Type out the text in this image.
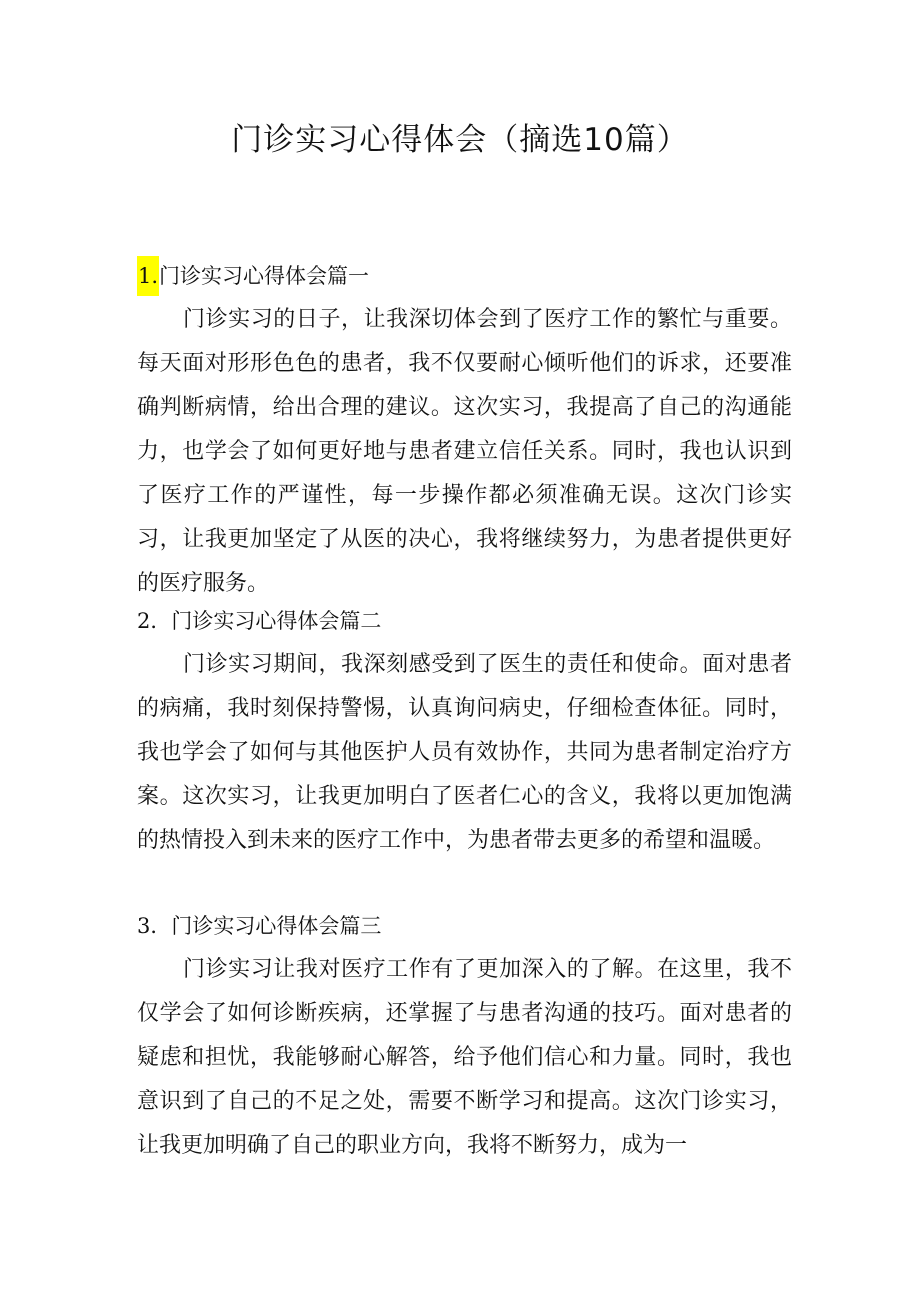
门诊实习心得体会（摘选10篇）
1.门诊实习心得体会篇一

门诊实习的日子，让我深切体会到了医疗工作的繁忙与重要。每天面对形形色色的患者，我不仅要耐心倾听他们的诉求，还要准确判断病情，给出合理的建议。这次实习，我提高了自己的沟通能力，也学会了如何更好地与患者建立信任关系。同时，我也认识到了医疗工作的严谨性，每一步操作都必须准确无误。这次门诊实习，让我更加坚定了从医的决心，我将继续努力，为患者提供更好的医疗服务。

2．门诊实习心得体会篇二

门诊实习期间，我深刻感受到了医生的责任和使命。面对患者的病痛，我时刻保持警惕，认真询问病史，仔细检查体征。同时，我也学会了如何与其他医护人员有效协作，共同为患者制定治疗方案。这次实习，让我更加明白了医者仁心的含义，我将以更加饱满的热情投入到未来的医疗工作中，为患者带去更多的希望和温暖。

3．门诊实习心得体会篇三

门诊实习让我对医疗工作有了更加深入的了解。在这里，我不仅学会了如何诊断疾病，还掌握了与患者沟通的技巧。面对患者的疑虑和担忧，我能够耐心解答，给予他们信心和力量。同时，我也意识到了自己的不足之处，需要不断学习和提高。这次门诊实习，让我更加明确了自己的职业方向，我将不断努力，成为一
